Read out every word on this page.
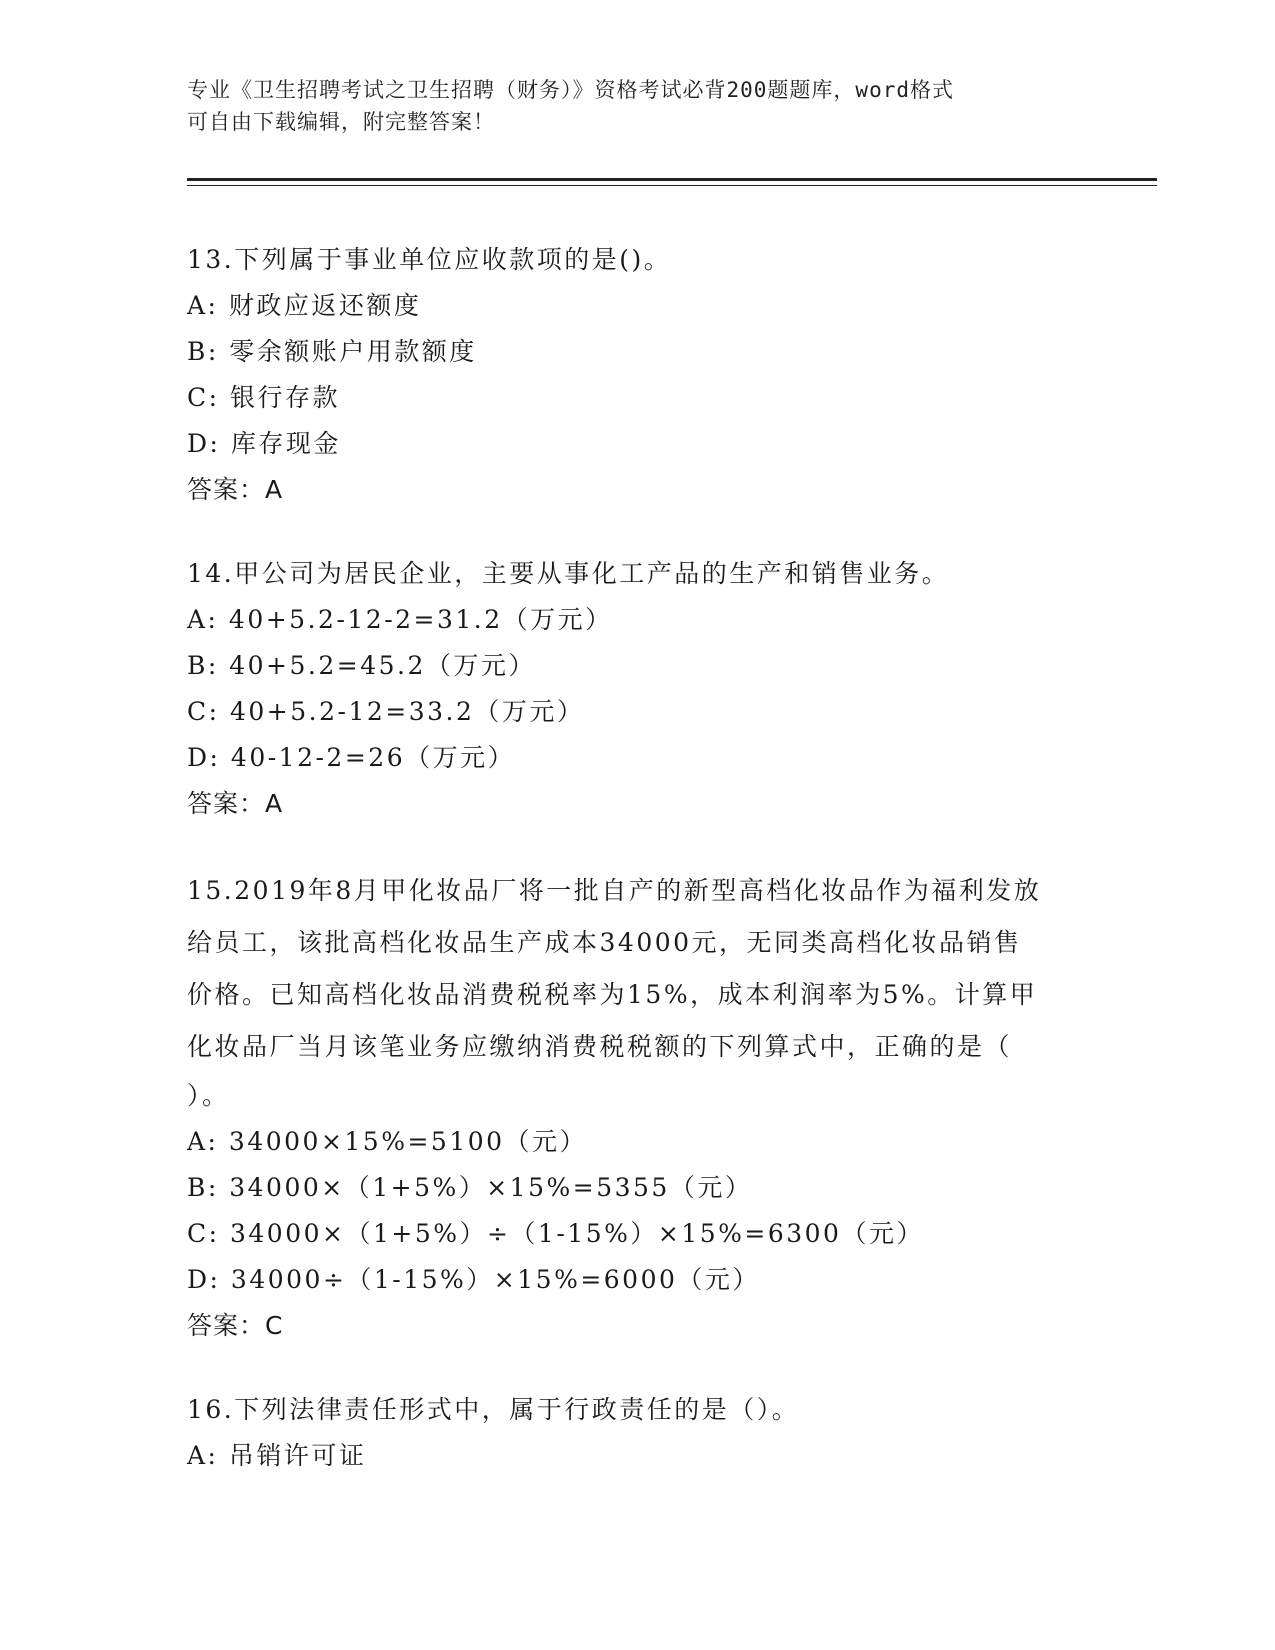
专业《卫生招聘考试之卫生招聘（财务）》资格考试必背200题题库，word格式
可自由下载编辑，附完整答案！
13.下列属于事业单位应收款项的是()。
A: 财政应返还额度
B: 零余额账户用款额度
C: 银行存款
D: 库存现金
答案：A
14.甲公司为居民企业，主要从事化工产品的生产和销售业务。
A: 40+5.2-12-2=31.2（万元）
B: 40+5.2=45.2（万元）
C: 40+5.2-12=33.2（万元）
D: 40-12-2=26（万元）
答案：A
15.2019年8月甲化妆品厂将一批自产的新型高档化妆品作为福利发放
给员工，该批高档化妆品生产成本34000元，无同类高档化妆品销售
价格。已知高档化妆品消费税税率为15%，成本利润率为5%。计算甲
化妆品厂当月该笔业务应缴纳消费税税额的下列算式中，正确的是（
）。
A: 34000×15%=5100（元）
B: 34000×（1+5%）×15%=5355（元）
C: 34000×（1+5%）÷（1-15%）×15%=6300（元）
D: 34000÷（1-15%）×15%=6000（元）
答案：C
16.下列法律责任形式中，属于行政责任的是（）。
A: 吊销许可证
